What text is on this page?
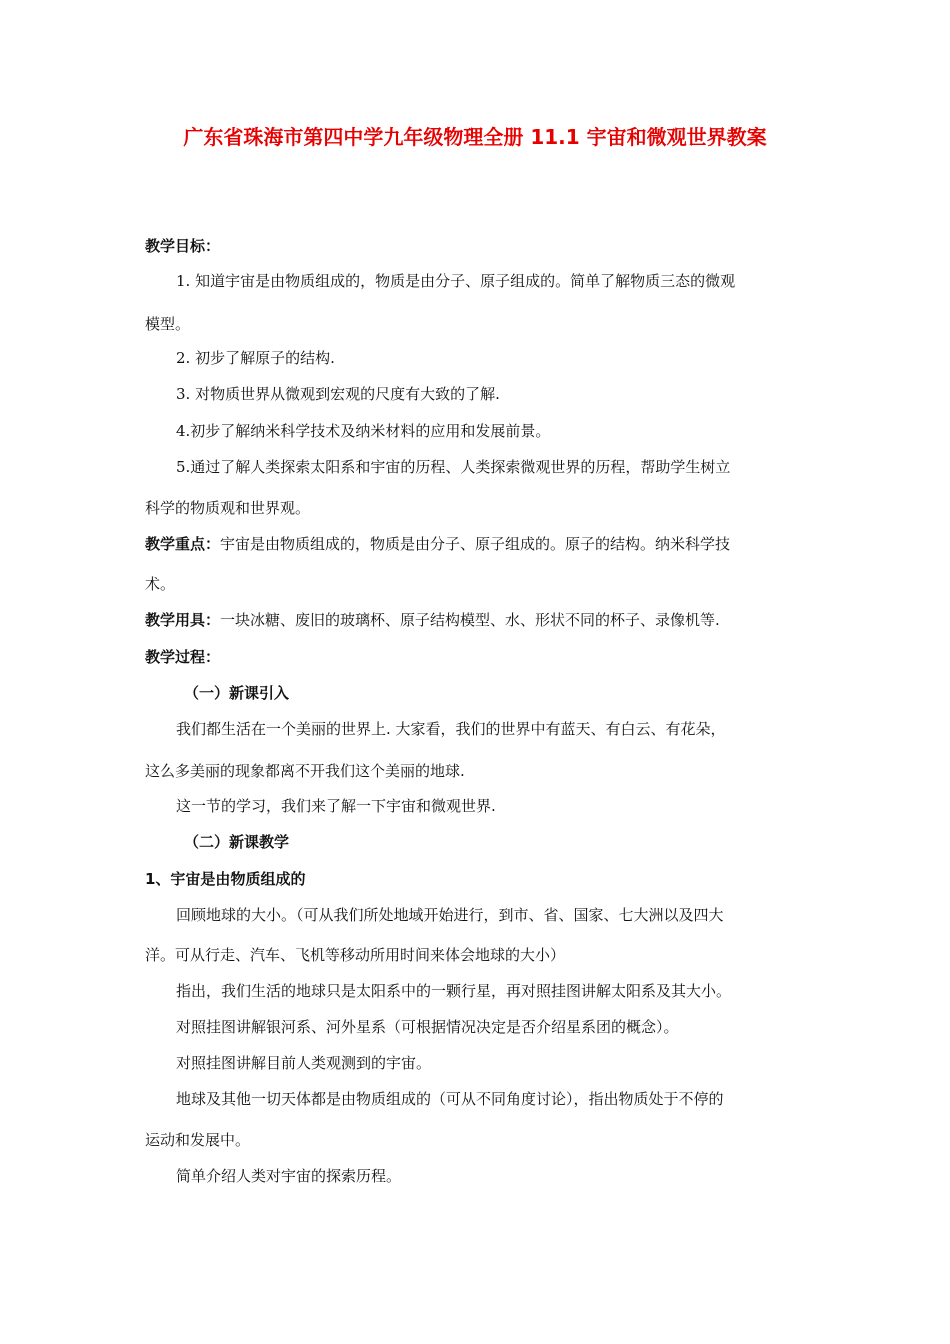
广东省珠海市第四中学九年级物理全册 11.1 宇宙和微观世界教案
教学目标：
1. 知道宇宙是由物质组成的，物质是由分子、原子组成的。简单了解物质三态的微观
模型。
2. 初步了解原子的结构.
3. 对物质世界从微观到宏观的尺度有大致的了解.
4.初步了解纳米科学技术及纳米材料的应用和发展前景。
5.通过了解人类探索太阳系和宇宙的历程、人类探索微观世界的历程，帮助学生树立
科学的物质观和世界观。
教学重点：宇宙是由物质组成的，物质是由分子、原子组成的。原子的结构。纳米科学技
术。
教学用具：一块冰糖、废旧的玻璃杯、原子结构模型、水、形状不同的杯子、录像机等.
教学过程：
（一）新课引入
我们都生活在一个美丽的世界上. 大家看，我们的世界中有蓝天、有白云、有花朵，
这么多美丽的现象都离不开我们这个美丽的地球.
这一节的学习，我们来了解一下宇宙和微观世界.
（二）新课教学
1、宇宙是由物质组成的
回顾地球的大小。（可从我们所处地域开始进行，到市、省、国家、七大洲以及四大
洋。可从行走、汽车、飞机等移动所用时间来体会地球的大小）
指出，我们生活的地球只是太阳系中的一颗行星，再对照挂图讲解太阳系及其大小。
对照挂图讲解银河系、河外星系（可根据情况决定是否介绍星系团的概念）。
对照挂图讲解目前人类观测到的宇宙。
地球及其他一切天体都是由物质组成的（可从不同角度讨论），指出物质处于不停的
运动和发展中。
简单介绍人类对宇宙的探索历程。
